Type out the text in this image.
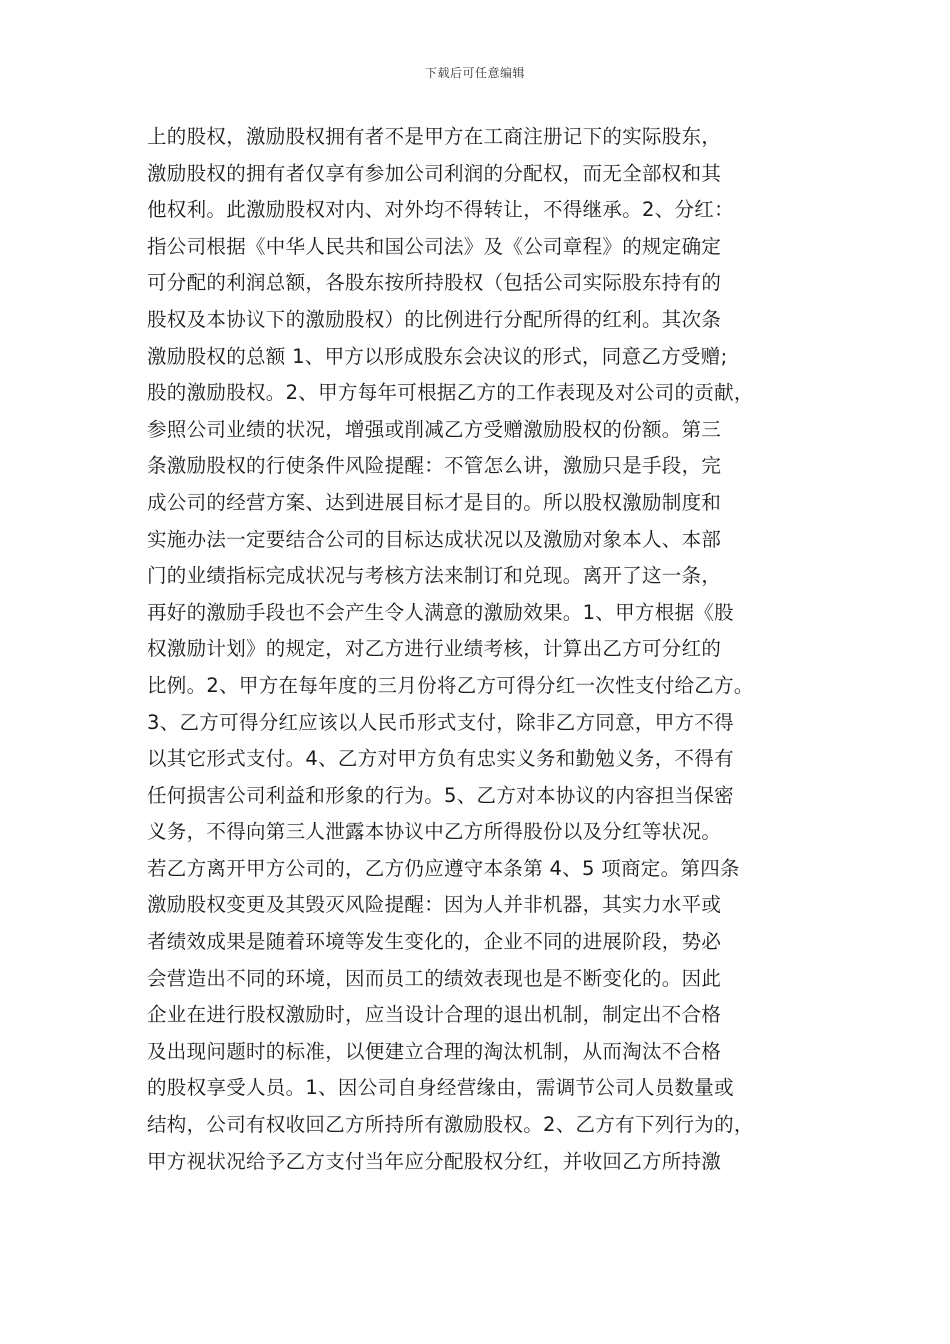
下载后可任意编辑
上的股权，激励股权拥有者不是甲方在工商注册记下的实际股东，
激励股权的拥有者仅享有参加公司利润的分配权，而无全部权和其
他权利。此激励股权对内、对外均不得转让，不得继承。2、分红：
指公司根据《中华人民共和国公司法》及《公司章程》的规定确定
可分配的利润总额，各股东按所持股权（包括公司实际股东持有的
股权及本协议下的激励股权）的比例进行分配所得的红利。其次条
激励股权的总额 1、甲方以形成股东会决议的形式，同意乙方受赠;
股的激励股权。2、甲方每年可根据乙方的工作表现及对公司的贡献，
参照公司业绩的状况，增强或削减乙方受赠激励股权的份额。第三
条激励股权的行使条件风险提醒：不管怎么讲，激励只是手段，完
成公司的经营方案、达到进展目标才是目的。所以股权激励制度和
实施办法一定要结合公司的目标达成状况以及激励对象本人、本部
门的业绩指标完成状况与考核方法来制订和兑现。离开了这一条，
再好的激励手段也不会产生令人满意的激励效果。1、甲方根据《股
权激励计划》的规定，对乙方进行业绩考核，计算出乙方可分红的
比例。2、甲方在每年度的三月份将乙方可得分红一次性支付给乙方。
3、乙方可得分红应该以人民币形式支付，除非乙方同意，甲方不得
以其它形式支付。4、乙方对甲方负有忠实义务和勤勉义务，不得有
任何损害公司利益和形象的行为。5、乙方对本协议的内容担当保密
义务，不得向第三人泄露本协议中乙方所得股份以及分红等状况。
若乙方离开甲方公司的，乙方仍应遵守本条第 4、5 项商定。第四条
激励股权变更及其毁灭风险提醒：因为人并非机器，其实力水平或
者绩效成果是随着环境等发生变化的，企业不同的进展阶段，势必
会营造出不同的环境，因而员工的绩效表现也是不断变化的。因此
企业在进行股权激励时，应当设计合理的退出机制，制定出不合格
及出现问题时的标准，以便建立合理的淘汰机制，从而淘汰不合格
的股权享受人员。1、因公司自身经营缘由，需调节公司人员数量或
结构，公司有权收回乙方所持所有激励股权。2、乙方有下列行为的，
甲方视状况给予乙方支付当年应分配股权分红，并收回乙方所持激
